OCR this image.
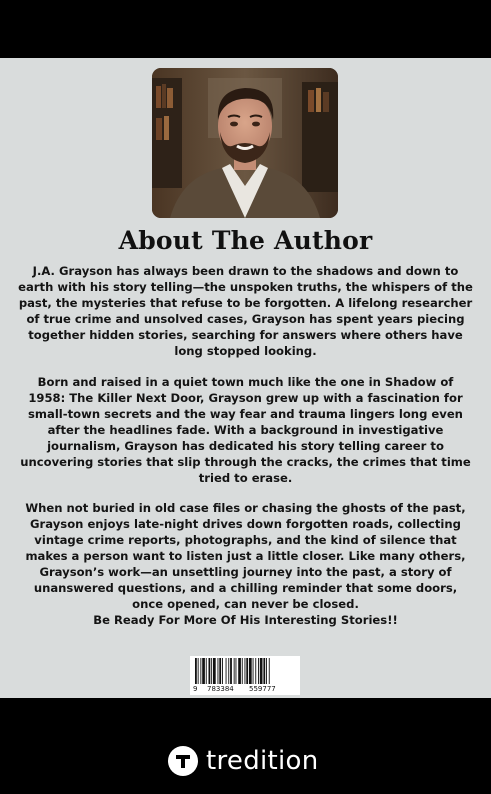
About The Author

J.A. Grayson has always been drawn to the shadows and down to earth with his story telling—the unspoken truths, the whispers of the past, the mysteries that refuse to be forgotten. A lifelong researcher of true crime and unsolved cases, Grayson has spent years piecing together hidden stories, searching for answers where others have long stopped looking.

Born and raised in a quiet town much like the one in Shadow of 1958: The Killer Next Door, Grayson grew up with a fascination for small-town secrets and the way fear and trauma lingers long even after the headlines fade. With a background in investigative journalism, Grayson has dedicated his story telling career to uncovering stories that slip through the cracks, the crimes that time tried to erase.

When not buried in old case files or chasing the ghosts of the past, Grayson enjoys late-night drives down forgotten roads, collecting vintage crime reports, photographs, and the kind of silence that makes a person want to listen just a little closer. Like many others, Grayson’s work—an unsettling journey into the past, a story of unanswered questions, and a chilling reminder that some doors, once opened, can never be closed.

Be Ready For More Of His Interesting Stories!!

9 783384 559777
tredition
